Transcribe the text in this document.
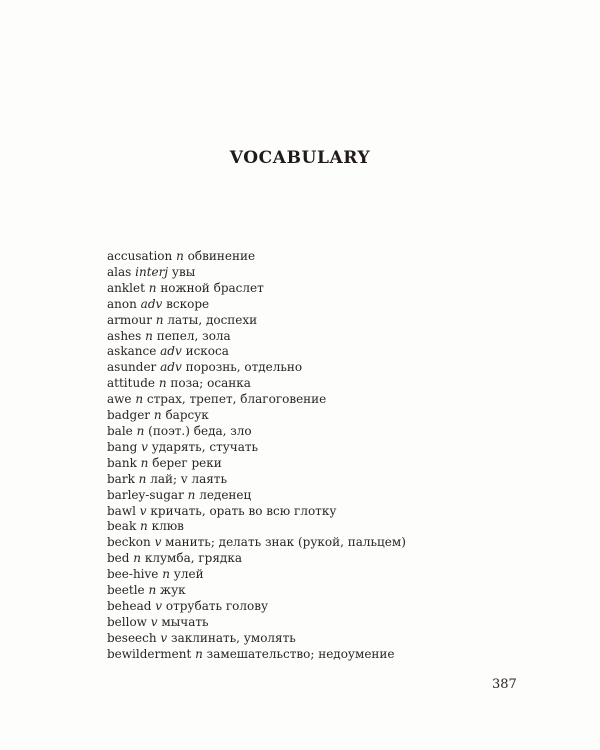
VOCABULARY
accusation n обвинение
alas interj увы
anklet n ножной браслет
anon adv вскоре
armour n латы, доспехи
ashes n пепел, зола
askance adv искоса
asunder adv порознь, отдельно
attitude n поза; осанка
awe n страх, трепет, благоговение
badger n барсук
bale n (поэт.) беда, зло
bang v ударять, стучать
bank n берег реки
bark n лай; v лаять
barley-sugar n леденец
bawl v кричать, орать во всю глотку
beak n клюв
beckon v манить; делать знак (рукой, пальцем)
bed n клумба, грядка
bee-hive n улей
beetle n жук
behead v отрубать голову
bellow v мычать
beseech v заклинать, умолять
bewilderment n замешательство; недоумение
387
